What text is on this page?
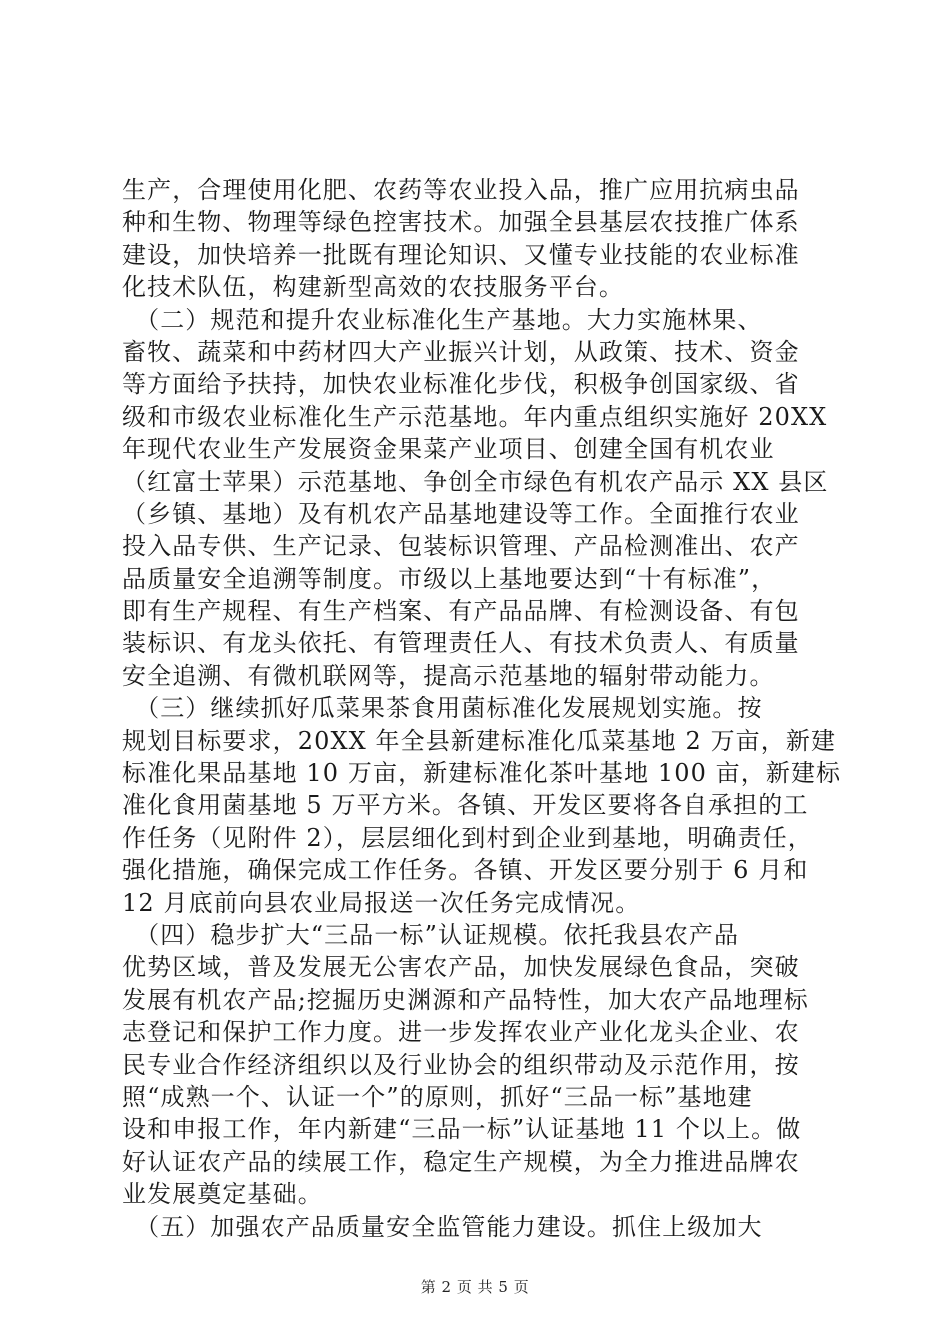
生产，合理使用化肥、农药等农业投入品，推广应用抗病虫品
种和生物、物理等绿色控害技术。加强全县基层农技推广体系
建设，加快培养一批既有理论知识、又懂专业技能的农业标准
化技术队伍，构建新型高效的农技服务平台。
　（二）规范和提升农业标准化生产基地。大力实施林果、
畜牧、蔬菜和中药材四大产业振兴计划，从政策、技术、资金
等方面给予扶持，加快农业标准化步伐，积极争创国家级、省
级和市级农业标准化生产示范基地。年内重点组织实施好 20XX
年现代农业生产发展资金果菜产业项目、创建全国有机农业
（红富士苹果）示范基地、争创全市绿色有机农产品示 XX 县区
（乡镇、基地）及有机农产品基地建设等工作。全面推行农业
投入品专供、生产记录、包装标识管理、产品检测准出、农产
品质量安全追溯等制度。市级以上基地要达到“十有标准”，
即有生产规程、有生产档案、有产品品牌、有检测设备、有包
装标识、有龙头依托、有管理责任人、有技术负责人、有质量
安全追溯、有微机联网等，提高示范基地的辐射带动能力。
　（三）继续抓好瓜菜果茶食用菌标准化发展规划实施。按
规划目标要求，20XX 年全县新建标准化瓜菜基地 2 万亩，新建
标准化果品基地 10 万亩，新建标准化茶叶基地 100 亩，新建标
准化食用菌基地 5 万平方米。各镇、开发区要将各自承担的工
作任务（见附件 2），层层细化到村到企业到基地，明确责任，
强化措施，确保完成工作任务。各镇、开发区要分别于 6 月和
12 月底前向县农业局报送一次任务完成情况。
　（四）稳步扩大“三品一标”认证规模。依托我县农产品
优势区域，普及发展无公害农产品，加快发展绿色食品，突破
发展有机农产品;挖掘历史渊源和产品特性，加大农产品地理标
志登记和保护工作力度。进一步发挥农业产业化龙头企业、农
民专业合作经济组织以及行业协会的组织带动及示范作用，按
照“成熟一个、认证一个”的原则，抓好“三品一标”基地建
设和申报工作，年内新建“三品一标”认证基地 11 个以上。做
好认证农产品的续展工作，稳定生产规模，为全力推进品牌农
业发展奠定基础。
　（五）加强农产品质量安全监管能力建设。抓住上级加大
第 2 页 共 5 页
